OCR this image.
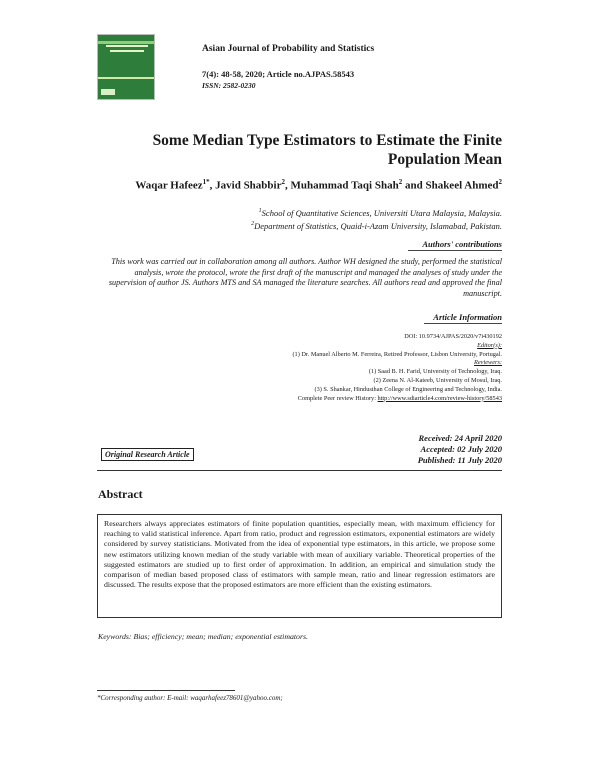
Asian Journal of Probability and Statistics
7(4): 48-58, 2020; Article no.AJPAS.58543
ISSN: 2582-0230
Some Median Type Estimators to Estimate the Finite
Population Mean
Waqar Hafeez$^{1*}$, Javid Shabbir$^2$, Muhammad Taqi Shah$^2$ and Shakeel Ahmed$^2$
$^1$School of Quantitative Sciences, Universiti Utara Malaysia, Malaysia.
$^2$Department of Statistics, Quaid-i-Azam University, Islamabad, Pakistan.
Authors' contributions
This work was carried out in collaboration among all authors. Author WH designed the study, performed the statistical analysis, wrote the protocol, wrote the first draft of the manuscript and managed the analyses of study under the supervision of author JS. Authors MTS and SA managed the literature searches. All authors read and approved the final manuscript.
Article Information
DOI: 10.9734/AJPAS/2020/v7i430192
Editor(s):
(1) Dr. Manuel Alberto M. Ferreira, Retired Professor, Lisbon University, Portugal.
Reviewers:
(1) Saad B. H. Farid, University of Technology, Iraq.
(2) Zeena N. Al-Kateeb, University of Mosul, Iraq.
(3) S. Shankar, Hindusthan College of Engineering and Technology, India.
Complete Peer review History: http://www.sdiarticle4.com/review-history/58543
Received: 24 April 2020
Accepted: 02 July 2020
Published: 11 July 2020
Original Research Article
Abstract
Researchers always appreciates estimators of finite population quantities, especially mean, with maximum efficiency for reaching to valid statistical inference. Apart from ratio, product and regression estimators, exponential estimators are widely considered by survey statisticians. Motivated from the idea of exponential type estimators, in this article, we propose some new estimators utilizing known median of the study variable with mean of auxiliary variable. Theoretical properties of the suggested estimators are studied up to first order of approximation. In addition, an empirical and simulation study the comparison of median based proposed class of estimators with sample mean, ratio and linear regression estimators are discussed. The results expose that the proposed estimators are more efficient than the existing estimators.
Keywords: Bias; efficiency; mean; median; exponential estimators.
*Corresponding author: E-mail: waqarhafeez78601@yahoo.com;
